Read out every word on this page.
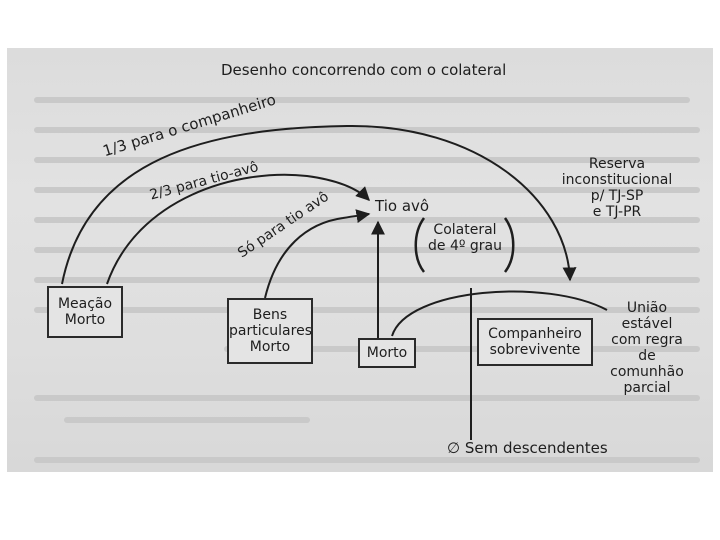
Desenho concorrendo com o colateral
1/3 para o companheiro
2/3 para tio-avô
Só para tio avô	Tio avô
Colateral
de 4º grau
Reserva
inconstitucional
p/ TJ-SP
e TJ-PR
União
estável
com regra
de
comunhão
parcial
Meação
Morto	Bens
particulares
Morto	Morto
Companheiro
sobrevivente
∅ Sem descendentes
